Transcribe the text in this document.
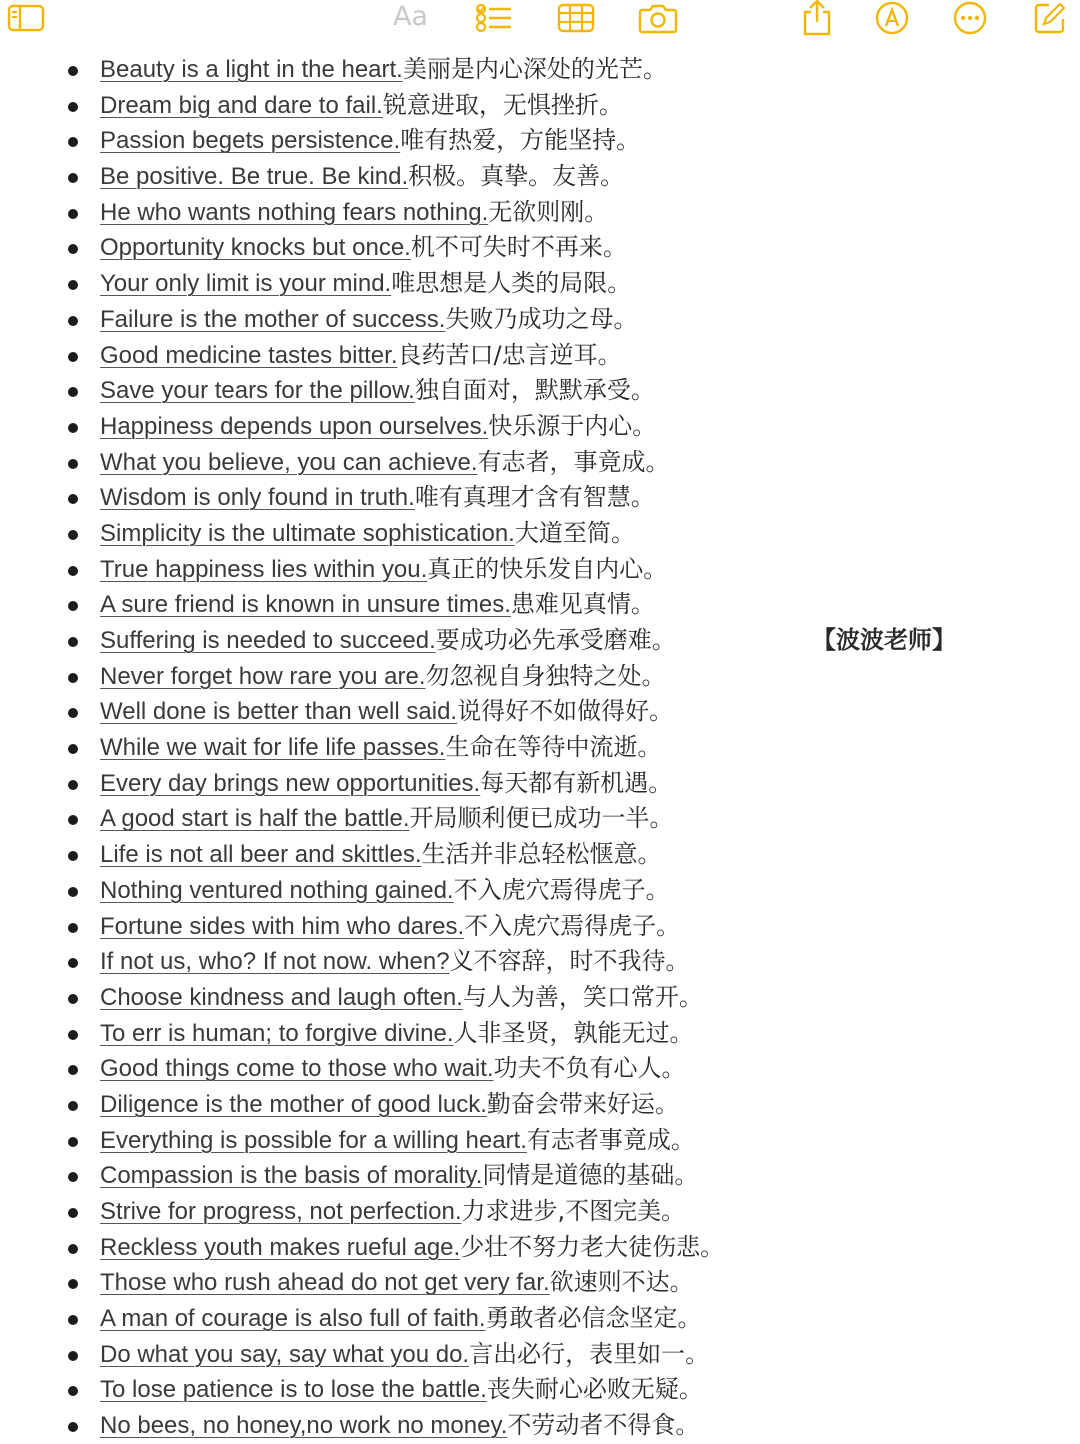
Aa
Beauty is a light in the heart.美丽是内心深处的光芒。
Dream big and dare to fail.锐意进取，无惧挫折。
Passion begets persistence.唯有热爱，方能坚持。
Be positive. Be true. Be kind.积极。真挚。友善。
He who wants nothing fears nothing.无欲则刚。
Opportunity knocks but once.机不可失时不再来。
Your only limit is your mind.唯思想是人类的局限。
Failure is the mother of success.失败乃成功之母。
Good medicine tastes bitter.良药苦口/忠言逆耳。
Save your tears for the pillow.独自面对，默默承受。
Happiness depends upon ourselves.快乐源于内心。
What you believe, you can achieve.有志者，事竟成。
Wisdom is only found in truth.唯有真理才含有智慧。
Simplicity is the ultimate sophistication.大道至简。
True happiness lies within you.真正的快乐发自内心。
A sure friend is known in unsure times.患难见真情。
Suffering is needed to succeed.要成功必先承受磨难。
Never forget how rare you are.勿忽视自身独特之处。
Well done is better than well said.说得好不如做得好。
While we wait for life life passes.生命在等待中流逝。
Every day brings new opportunities.每天都有新机遇。
A good start is half the battle.开局顺利便已成功一半。
Life is not all beer and skittles.生活并非总轻松惬意。
Nothing ventured nothing gained.不入虎穴焉得虎子。
Fortune sides with him who dares.不入虎穴焉得虎子。
If not us, who? If not now. when?义不容辞，时不我待。
Choose kindness and laugh often.与人为善，笑口常开。
To err is human; to forgive divine.人非圣贤，孰能无过。
Good things come to those who wait.功夫不负有心人。
Diligence is the mother of good luck.勤奋会带来好运。
Everything is possible for a willing heart.有志者事竟成。
Compassion is the basis of morality.同情是道德的基础。
Strive for progress, not perfection.力求进步,不图完美。
Reckless youth makes rueful age.少壮不努力老大徒伤悲。
Those who rush ahead do not get very far.欲速则不达。
A man of courage is also full of faith.勇敢者必信念坚定。
Do what you say, say what you do.言出必行，表里如一。
To lose patience is to lose the battle.丧失耐心必败无疑。
No bees, no honey,no work no money.不劳动者不得食。
【波波老师】
